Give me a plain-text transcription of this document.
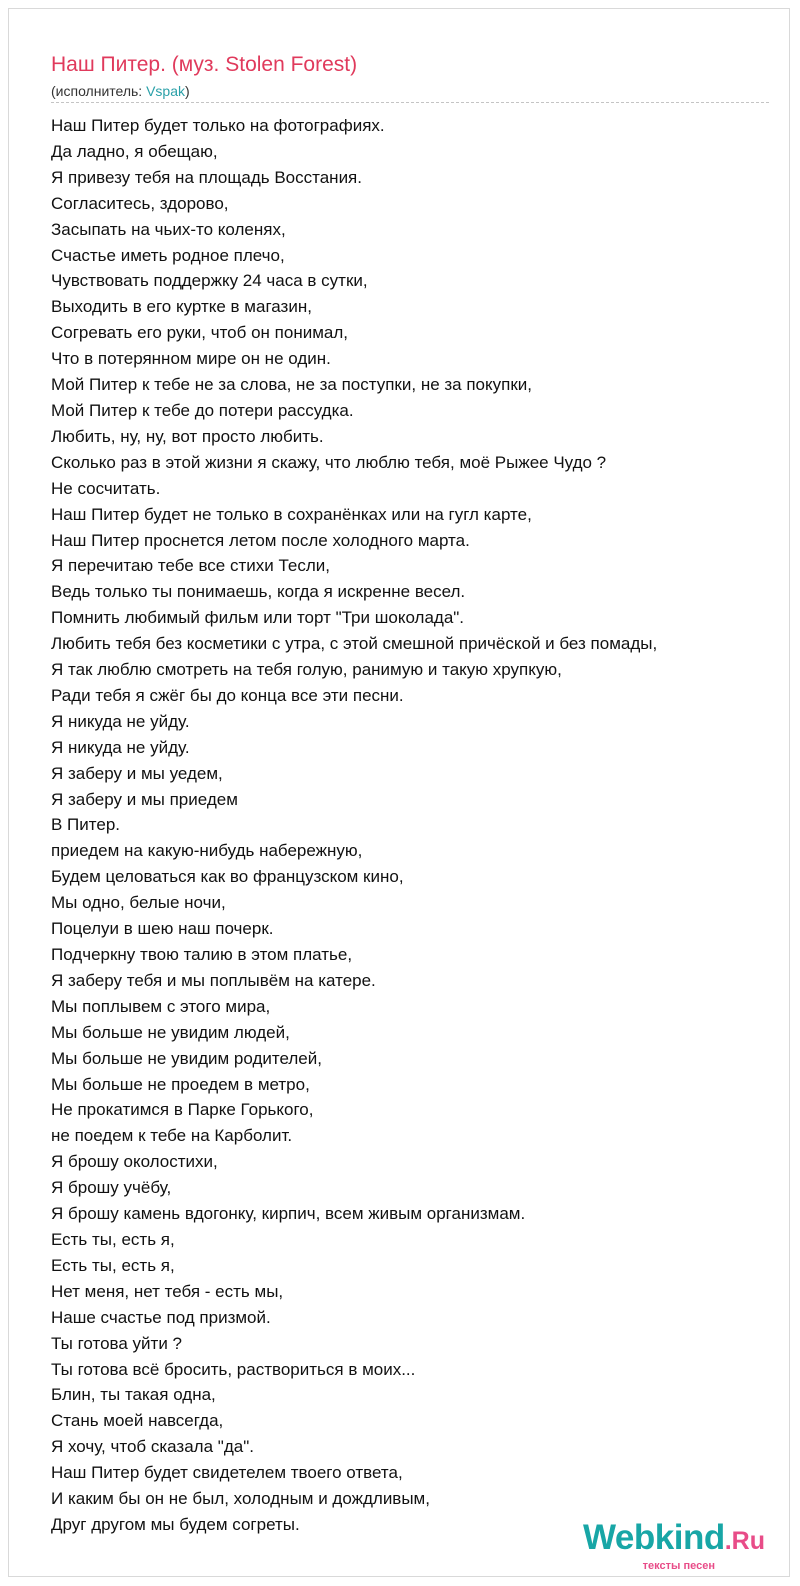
Наш Питер. (муз. Stolen Forest)
(исполнитель: Vspak)
Наш Питер будет только на фотографиях.
Да ладно, я обещаю,
Я привезу тебя на площадь Восстания.
Согласитесь, здорово,
Засыпать на чьих-то коленях,
Счастье иметь родное плечо,
Чувствовать поддержку 24 часа в сутки,
Выходить в его куртке в магазин,
Согревать его руки, чтоб он понимал,
Что в потерянном мире он не один.
Мой Питер к тебе не за слова, не за поступки, не за покупки,
Мой Питер к тебе до потери рассудка.
Любить, ну, ну, вот просто любить.
Сколько раз в этой жизни я скажу, что люблю тебя, моё Рыжее Чудо ?
Не сосчитать.
Наш Питер будет не только в сохранёнках или на гугл карте,
Наш Питер проснется летом после холодного марта.
Я перечитаю тебе все стихи Тесли,
Ведь только ты понимаешь, когда я искренне весел.
Помнить любимый фильм или торт "Три шоколада".
Любить тебя без косметики с утра, с этой смешной причёской и без помады,
Я так люблю смотреть на тебя голую, ранимую и такую хрупкую,
Ради тебя я сжёг бы до конца все эти песни.
Я никуда не уйду.
Я никуда не уйду.
Я заберу и мы уедем,
Я заберу и мы приедем
В Питер.
приедем на какую-нибудь набережную,
Будем целоваться как во французском кино,
Мы одно, белые ночи,
Поцелуи в шею наш почерк.
Подчеркну твою талию в этом платье,
Я заберу тебя и мы поплывём на катере.
Мы поплывем с этого мира,
Мы больше не увидим людей,
Мы больше не увидим родителей,
Мы больше не проедем в метро,
Не прокатимся в Парке Горького,
не поедем к тебе на Карболит.
Я брошу околостихи,
Я брошу учёбу,
Я брошу камень вдогонку, кирпич, всем живым организмам.
Есть ты, есть я,
Есть ты, есть я,
Нет меня, нет тебя - есть мы,
Наше счастье под призмой.
Ты готова уйти ?
Ты готова всё бросить, раствориться в моих...
Блин, ты такая одна,
Стань моей навсегда,
Я хочу, чтоб сказала "да".
Наш Питер будет свидетелем твоего ответа,
И каким бы он не был, холодным и дождливым,
Друг другом мы будем согреты.	Webkind.Ru
тексты песен
